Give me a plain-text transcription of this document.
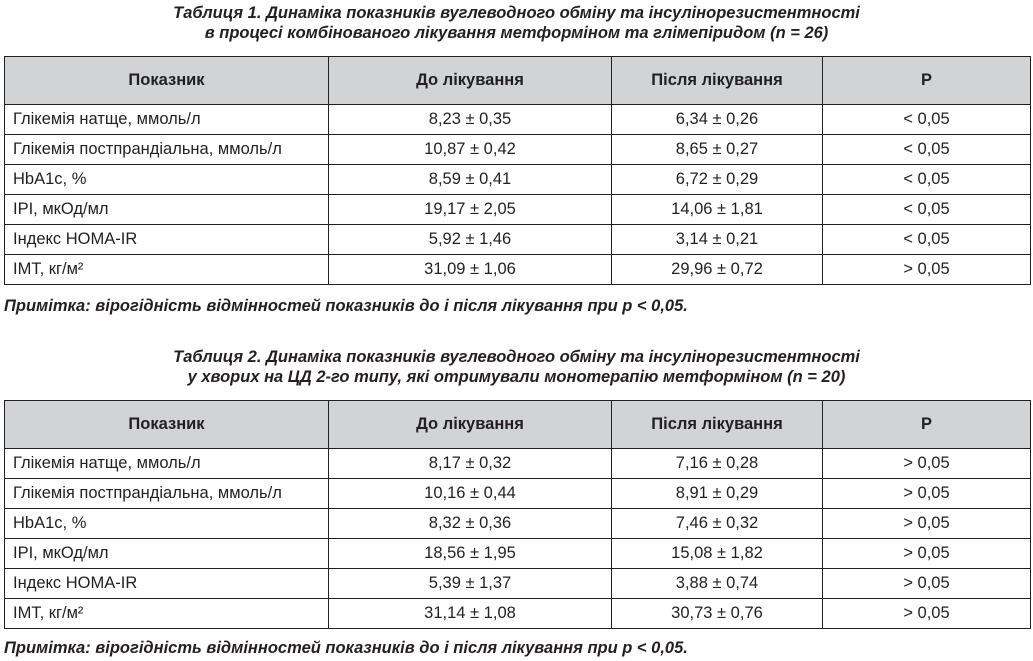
Таблиця 1. Динаміка показників вуглеводного обміну та інсулінорезистентності
в процесі комбінованого лікування метформіном та глімепіридом (n = 26)
Показник	До лікування	Після лікування	P
Глікемія натще, ммоль/л	8,23 ± 0,35	6,34 ± 0,26	< 0,05
Глікемія постпрандіальна, ммоль/л	10,87 ± 0,42	8,65 ± 0,27	< 0,05
HbA1c, %	8,59 ± 0,41	6,72 ± 0,29	< 0,05
ІРІ, мкОд/мл	19,17 ± 2,05	14,06 ± 1,81	< 0,05
Індекс HOMA-IR	5,92 ± 1,46	3,14 ± 0,21	< 0,05
ІМТ, кг/м²	31,09 ± 1,06	29,96 ± 0,72	> 0,05
Примітка: вірогідність відмінностей показників до і після лікування при р < 0,05.
Таблиця 2. Динаміка показників вуглеводного обміну та інсулінорезистентності
у хворих на ЦД 2-го типу, які отримували монотерапію метформіном (n = 20)
Показник	До лікування	Після лікування	P
Глікемія натще, ммоль/л	8,17 ± 0,32	7,16 ± 0,28	> 0,05
Глікемія постпрандіальна, ммоль/л	10,16 ± 0,44	8,91 ± 0,29	> 0,05
HbA1c, %	8,32 ± 0,36	7,46 ± 0,32	> 0,05
ІРІ, мкОд/мл	18,56 ± 1,95	15,08 ± 1,82	> 0,05
Індекс HOMA-IR	5,39 ± 1,37	3,88 ± 0,74	> 0,05
ІМТ, кг/м²	31,14 ± 1,08	30,73 ± 0,76	> 0,05
Примітка: вірогідність відмінностей показників до і після лікування при р < 0,05.
